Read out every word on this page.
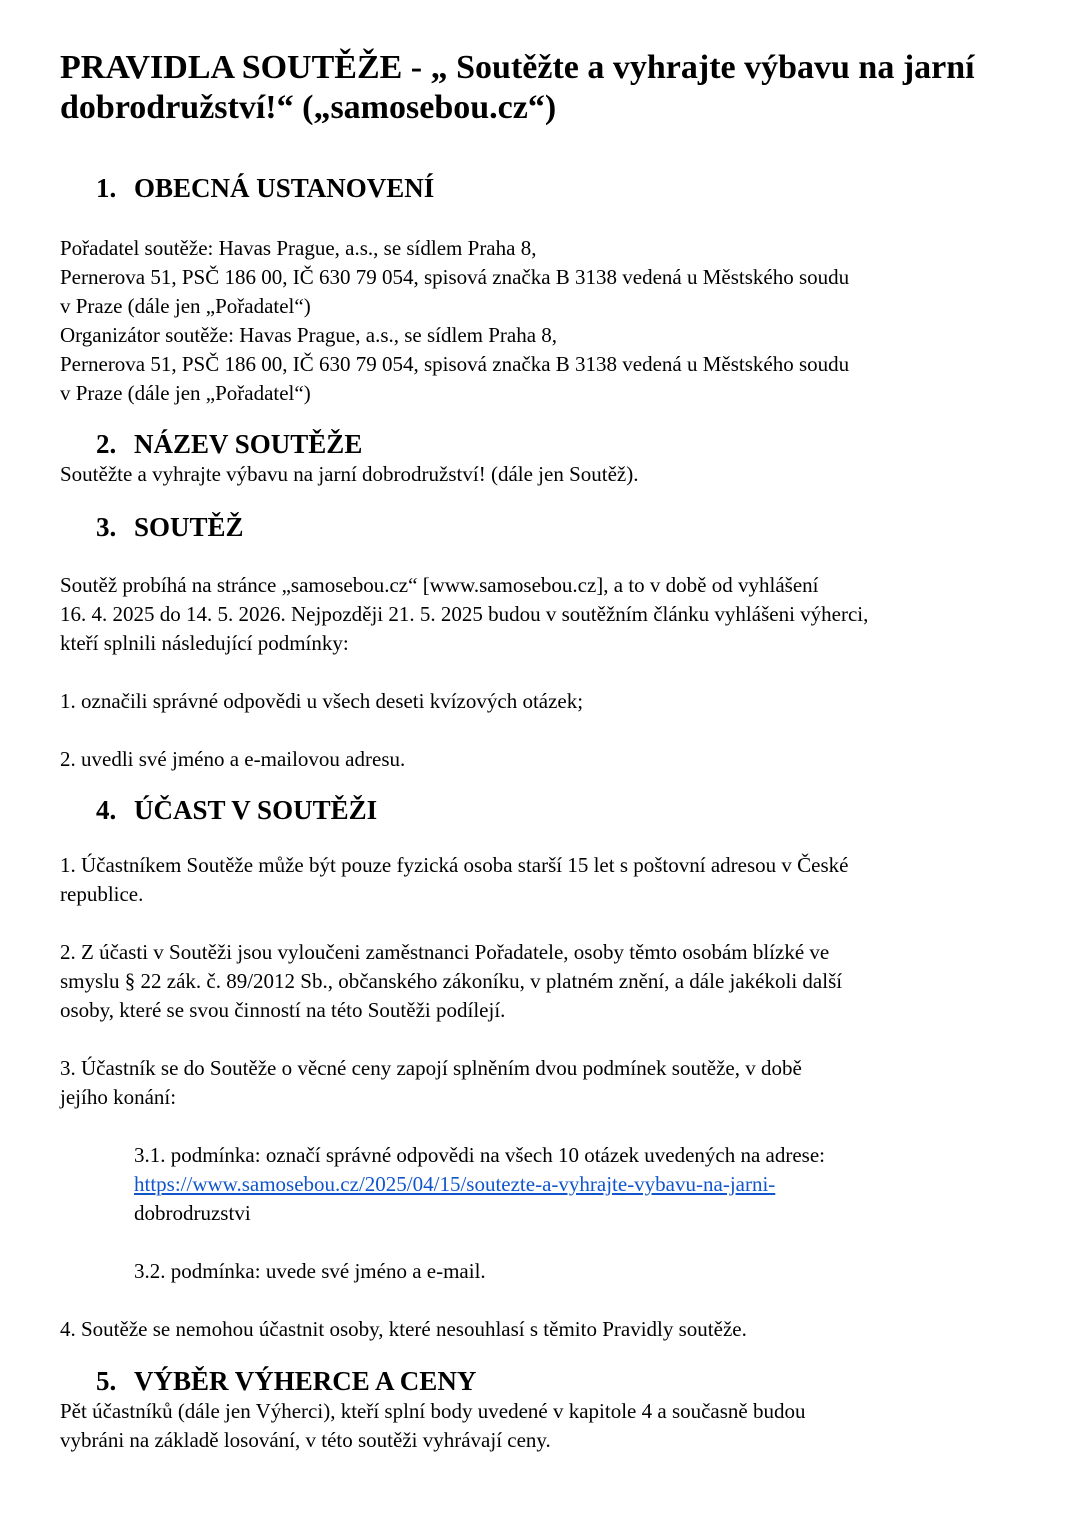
PRAVIDLA SOUTĚŽE - „ Soutěžte a vyhrajte výbavu na jarní dobrodružství!“ („samosebou.cz“)
1. OBECNÁ USTANOVENÍ

Pořadatel soutěže: Havas Prague, a.s., se sídlem Praha 8,

Pernerova 51, PSČ 186 00, IČ 630 79 054, spisová značka B 3138 vedená u Městského soudu

v Praze (dále jen „Pořadatel“)

Organizátor soutěže: Havas Prague, a.s., se sídlem Praha 8,

Pernerova 51, PSČ 186 00, IČ 630 79 054, spisová značka B 3138 vedená u Městského soudu

v Praze (dále jen „Pořadatel“)

2. NÁZEV SOUTĚŽE

Soutěžte a vyhrajte výbavu na jarní dobrodružství! (dále jen Soutěž).

3. SOUTĚŽ

Soutěž probíhá na stránce „samosebou.cz“ [www.samosebou.cz], a to v době od vyhlášení

16. 4. 2025 do 14. 5. 2026. Nejpozději 21. 5. 2025 budou v soutěžním článku vyhlášeni výherci,

kteří splnili následující podmínky:

1. označili správné odpovědi u všech deseti kvízových otázek;

2. uvedli své jméno a e-mailovou adresu.

4. ÚČAST V SOUTĚŽI

1. Účastníkem Soutěže může být pouze fyzická osoba starší 15 let s poštovní adresou v České

republice.

2. Z účasti v Soutěži jsou vyloučeni zaměstnanci Pořadatele, osoby těmto osobám blízké ve

smyslu § 22 zák. č. 89/2012 Sb., občanského zákoníku, v platném znění, a dále jakékoli další

osoby, které se svou činností na této Soutěži podílejí.

3. Účastník se do Soutěže o věcné ceny zapojí splněním dvou podmínek soutěže, v době

jejího konání:

3.1. podmínka: označí správné odpovědi na všech 10 otázek uvedených na adrese:

https://www.samosebou.cz/2025/04/15/soutezte-a-vyhrajte-vybavu-na-jarni-

dobrodruzstvi

3.2. podmínka: uvede své jméno a e-mail.

4. Soutěže se nemohou účastnit osoby, které nesouhlasí s těmito Pravidly soutěže.

5. VÝBĚR VÝHERCE A CENY

Pět účastníků (dále jen Výherci), kteří splní body uvedené v kapitole 4 a současně budou

vybráni na základě losování, v této soutěži vyhrávají ceny.
